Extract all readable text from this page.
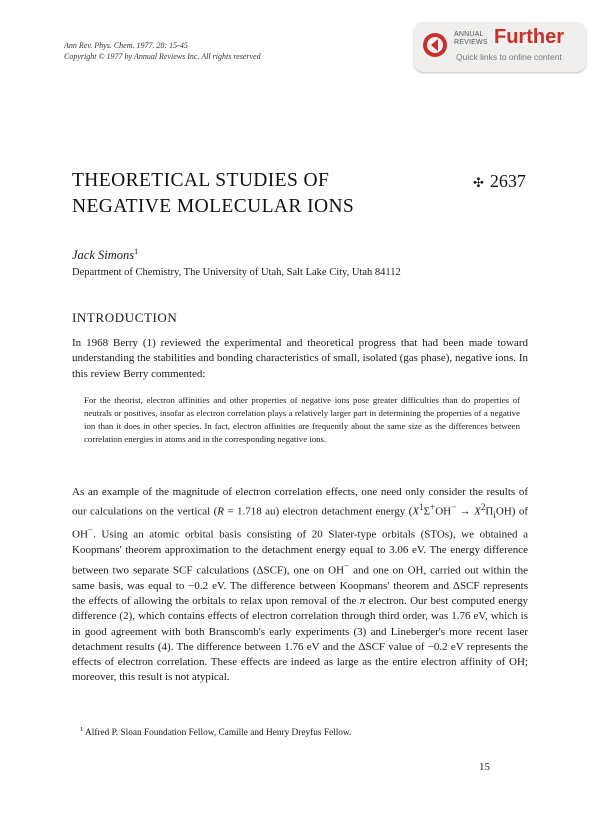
Ann Rev. Phys. Chem. 1977. 28: 15-45
Copyright © 1977 by Annual Reviews Inc. All rights reserved
ANNUAL
REVIEWS Further
Quick links to online content
THEORETICAL STUDIES OF
NEGATIVE MOLECULAR IONS
✣ 2637
Jack Simons$^1$
Department of Chemistry, The University of Utah, Salt Lake City, Utah 84112
INTRODUCTION
In 1968 Berry (1) reviewed the experimental and theoretical progress that had been made toward understanding the stabilities and bonding characteristics of small, isolated (gas phase), negative ions. In this review Berry commented:
For the theorist, electron affinities and other properties of negative ions pose greater difficulties than do properties of neutrals or positives, insofar as electron correlation plays a relatively larger part in determining the properties of a negative ion than it does in other species. In fact, electron affinities are frequently about the same size as the differences between correlation energies in atoms and in the corresponding negative ions.
As an example of the magnitude of electron correlation effects, one need only consider the results of our calculations on the vertical (R = 1.718 au) electron detachment energy $(X^1\Sigma^+OH^- \to X^2\Pi_iOH)$ of OH−. Using an atomic orbital basis consisting of 20 Slater-type orbitals (STOs), we obtained a Koopmans' theorem approximation to the detachment energy equal to 3.06 eV. The energy difference between two separate SCF calculations (ΔSCF), one on OH− and one on OH, carried out within the same basis, was equal to −0.2 eV. The difference between Koopmans' theorem and ΔSCF represents the effects of allowing the orbitals to relax upon removal of the π electron. Our best computed energy difference (2), which contains effects of electron correlation through third order, was 1.76 eV, which is in good agreement with both Branscomb's early experiments (3) and Lineberger's more recent laser detachment results (4). The difference between 1.76 eV and the ΔSCF value of −0.2 eV represents the effects of electron correlation. These effects are indeed as large as the entire electron affinity of OH; moreover, this result is not atypical.
$^1$ Alfred P. Sloan Foundation Fellow, Camille and Henry Dreyfus Fellow.
15
